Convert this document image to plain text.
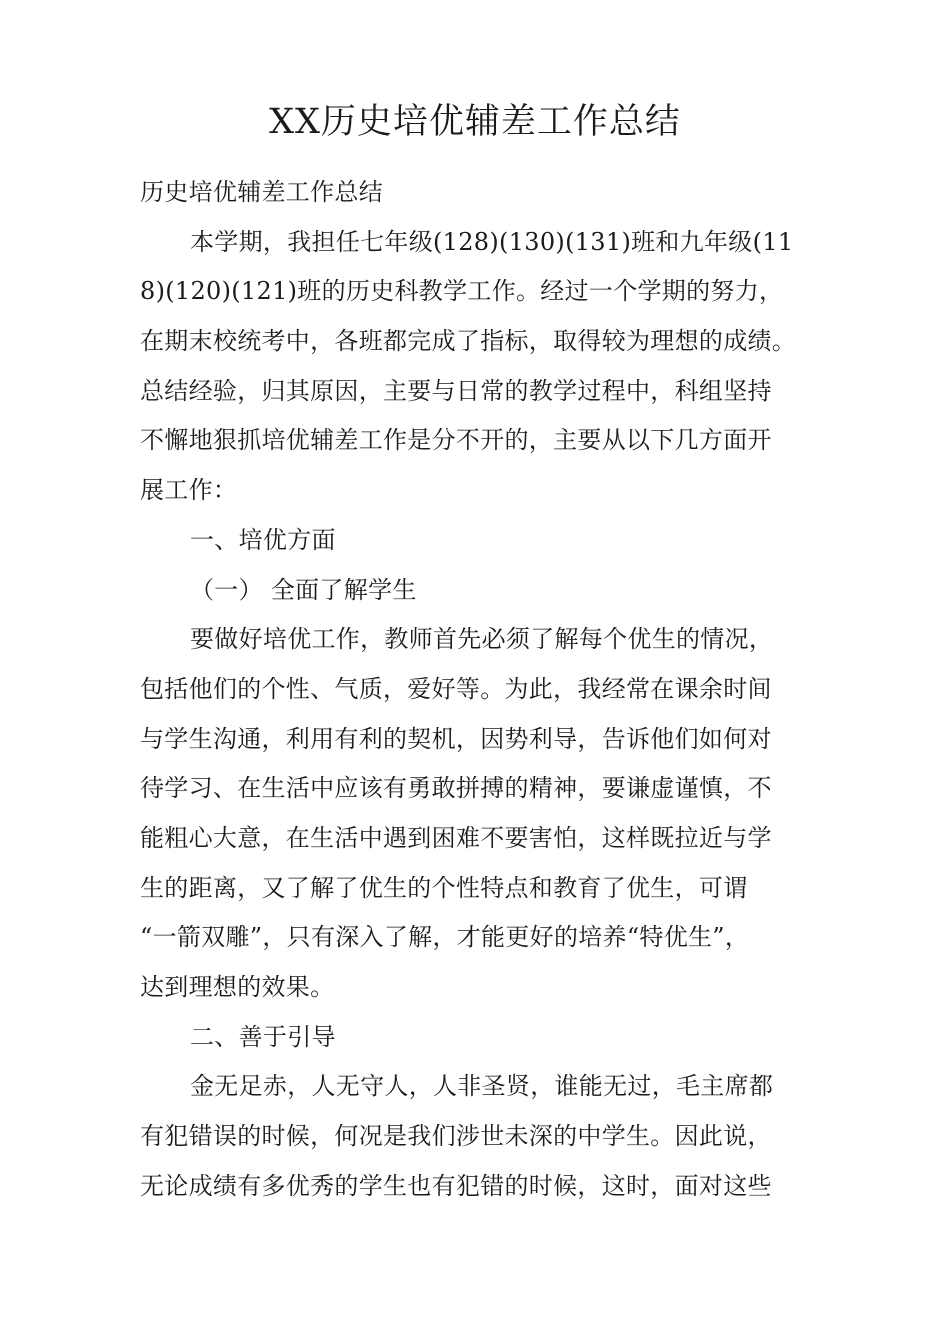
XX历史培优辅差工作总结
历史培优辅差工作总结
本学期，我担任七年级(128)(130)(131)班和九年级(11
8)(120)(121)班的历史科教学工作。经过一个学期的努力，
在期末校统考中，各班都完成了指标，取得较为理想的成绩。
总结经验，归其原因，主要与日常的教学过程中，科组坚持
不懈地狠抓培优辅差工作是分不开的，主要从以下几方面开
展工作：
一、培优方面
（一） 全面了解学生
要做好培优工作，教师首先必须了解每个优生的情况，
包括他们的个性、气质，爱好等。为此，我经常在课余时间
与学生沟通，利用有利的契机，因势利导，告诉他们如何对
待学习、在生活中应该有勇敢拼搏的精神，要谦虚谨慎，不
能粗心大意，在生活中遇到困难不要害怕，这样既拉近与学
生的距离，又了解了优生的个性特点和教育了优生，可谓
“一箭双雕”，只有深入了解，才能更好的培养“特优生”，
达到理想的效果。
二、善于引导
金无足赤，人无守人，人非圣贤，谁能无过，毛主席都
有犯错误的时候，何况是我们涉世未深的中学生。因此说，
无论成绩有多优秀的学生也有犯错的时候，这时，面对这些
